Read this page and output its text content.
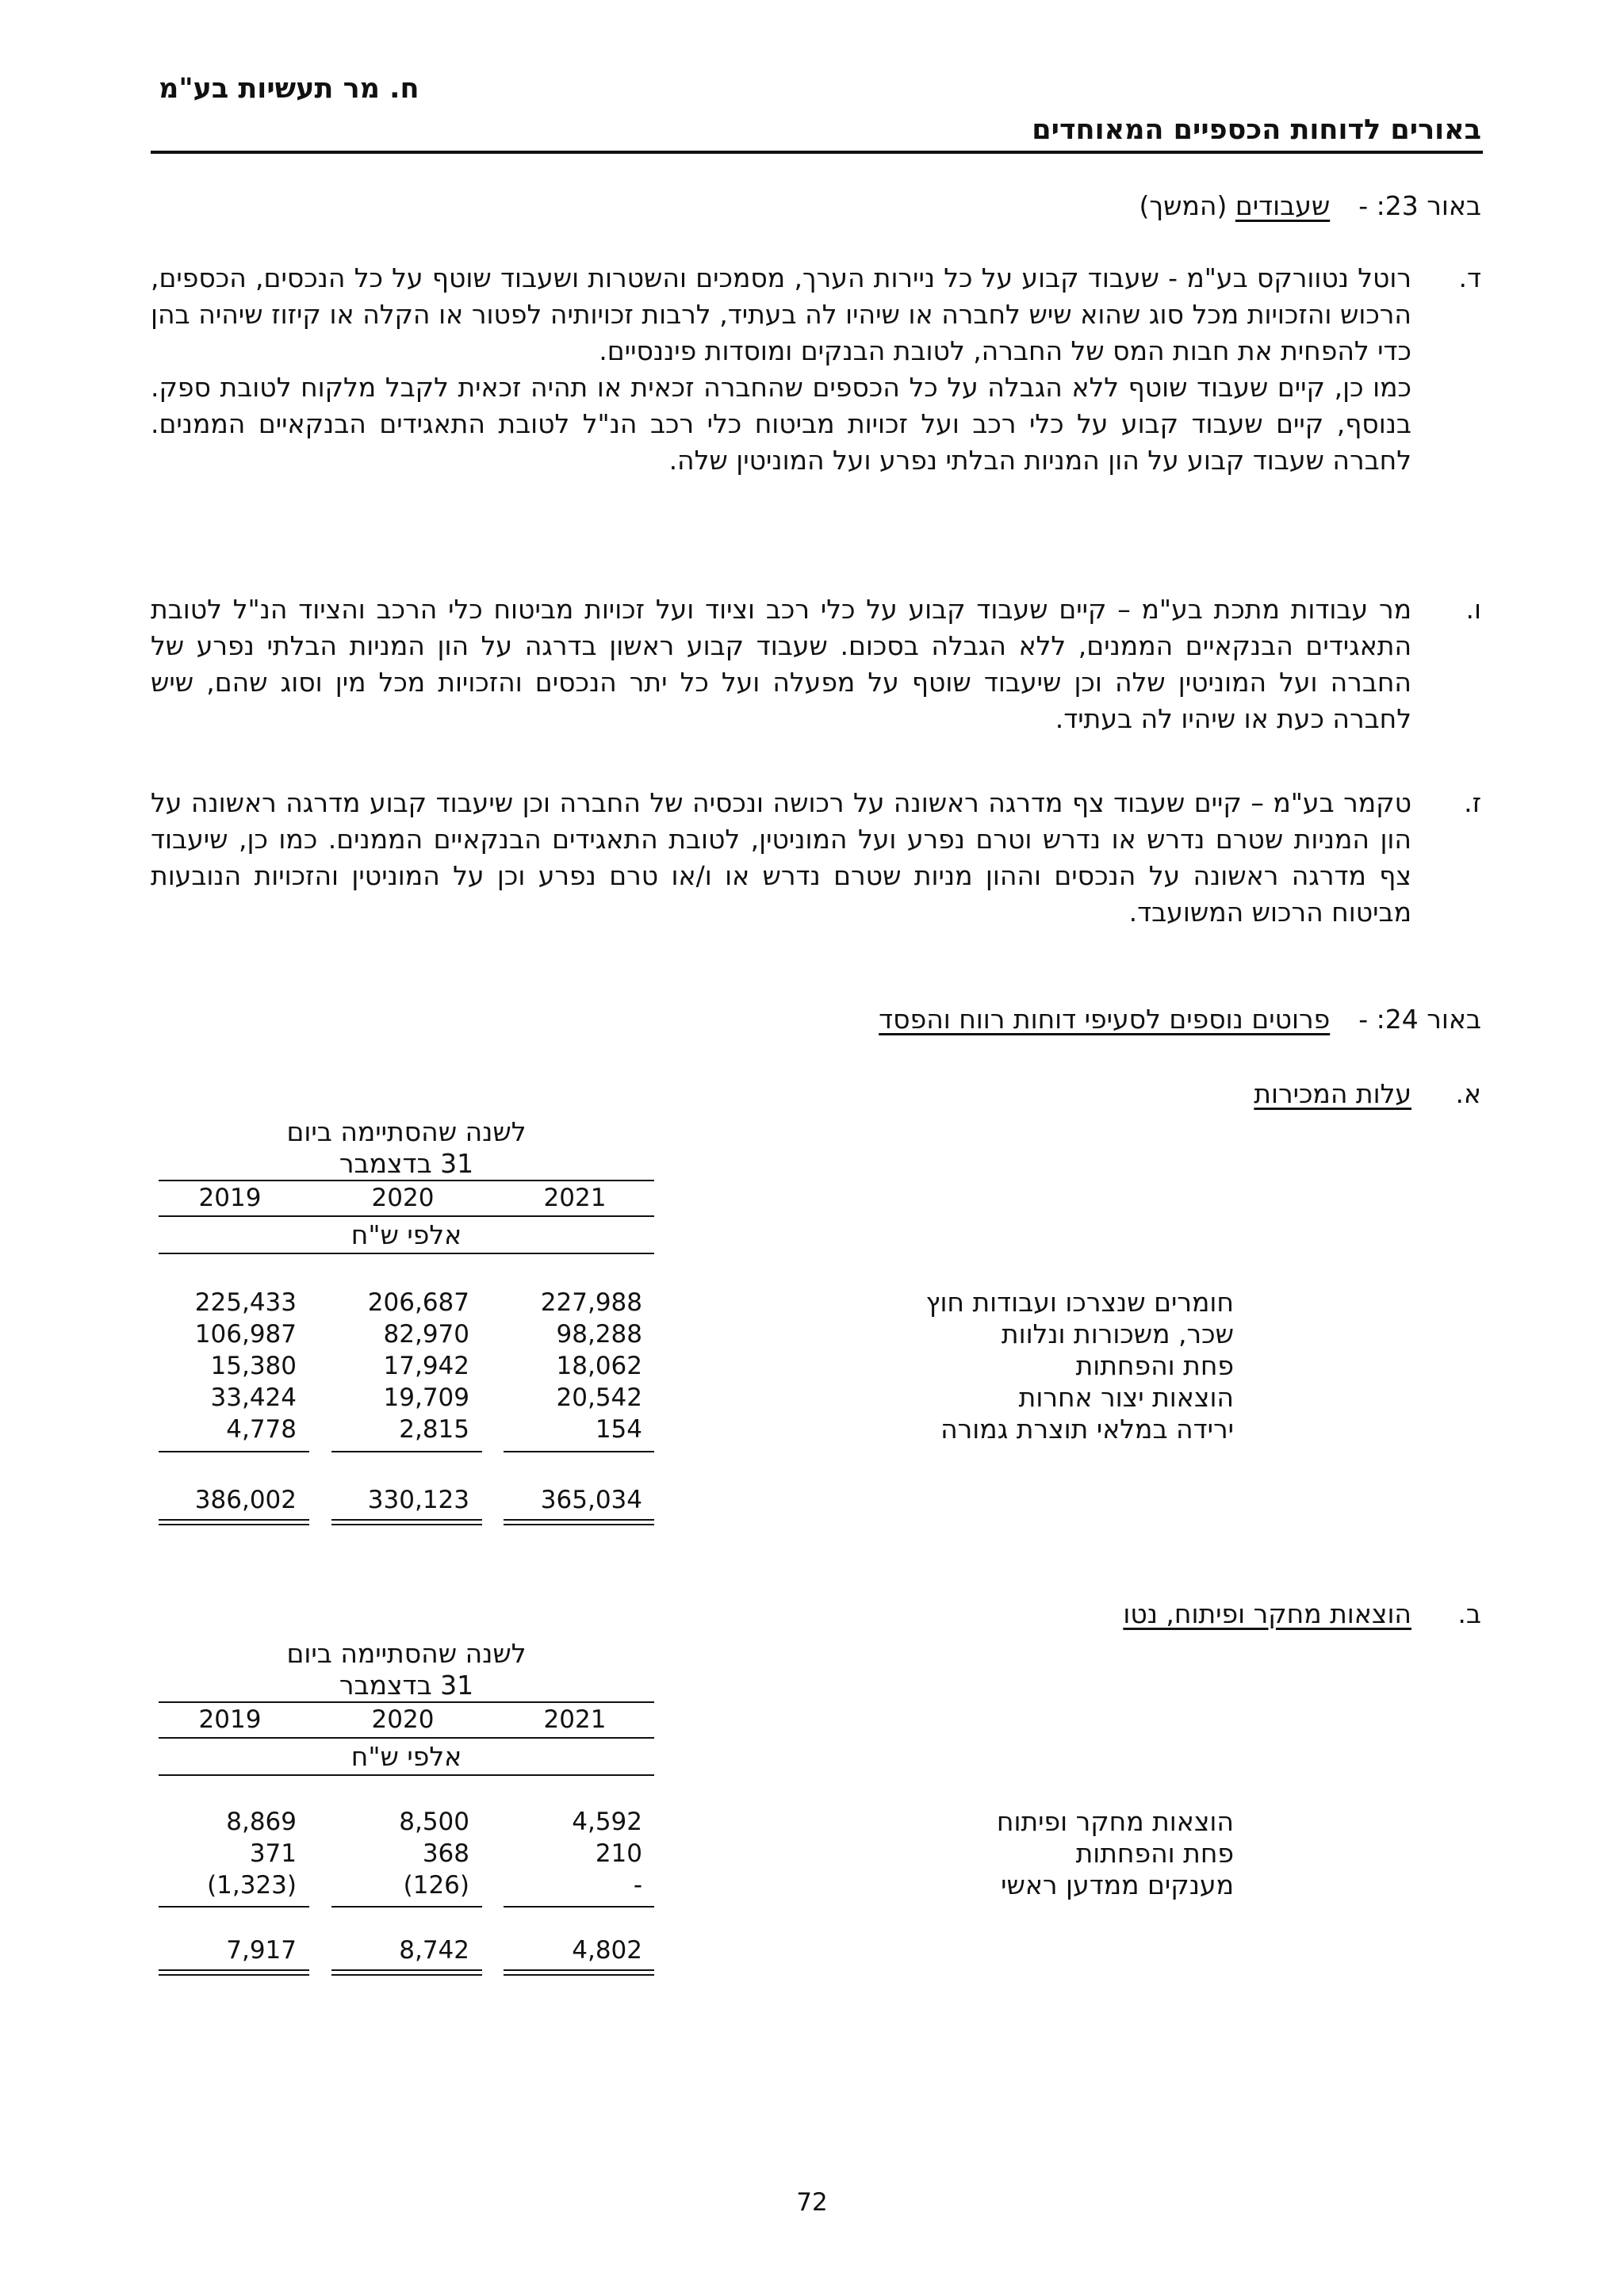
ח. מר תעשיות בע"מ
באורים לדוחות הכספיים המאוחדים
באור 23: -שעבודים (המשך)
ד.

רוטל נטוורקס בע"מ - שעבוד קבוע על כל ניירות הערך, מסמכים והשטרות ושעבוד שוטף על כל הנכסים, הכספים, הרכוש והזכויות מכל סוג שהוא שיש לחברה או שיהיו לה בעתיד, לרבות זכויותיה לפטור או הקלה או קיזוז שיהיה בהן כדי להפחית את חבות המס של החברה, לטובת הבנקים ומוסדות פיננסיים.

כמו כן, קיים שעבוד שוטף ללא הגבלה על כל הכספים שהחברה זכאית או תהיה זכאית לקבל מלקוח לטובת ספק. בנוסף, קיים שעבוד קבוע על כלי רכב ועל זכויות מביטוח כלי רכב הנ"ל לטובת התאגידים הבנקאיים הממנים. לחברה שעבוד קבוע על הון המניות הבלתי נפרע ועל המוניטין שלה.

ו.

מר עבודות מתכת בע"מ – קיים שעבוד קבוע על כלי רכב וציוד ועל זכויות מביטוח כלי הרכב והציוד הנ"ל לטובת התאגידים הבנקאיים הממנים, ללא הגבלה בסכום. שעבוד קבוע ראשון בדרגה על הון המניות הבלתי נפרע של החברה ועל המוניטין שלה וכן שיעבוד שוטף על מפעלה ועל כל יתר הנכסים והזכויות מכל מין וסוג שהם, שיש לחברה כעת או שיהיו לה בעתיד.

ז.

טקמר בע"מ – קיים שעבוד צף מדרגה ראשונה על רכושה ונכסיה של החברה וכן שיעבוד קבוע מדרגה ראשונה על הון המניות שטרם נדרש או נדרש וטרם נפרע ועל המוניטין, לטובת התאגידים הבנקאיים הממנים. כמו כן, שיעבוד צף מדרגה ראשונה על הנכסים וההון מניות שטרם נדרש או ו/או טרם נפרע וכן על המוניטין והזכויות הנובעות מביטוח הרכוש המשועבד.

באור 24: -פרוטים נוספים לסעיפי דוחות רווח והפסד
א.
עלות המכירות
לשנה שהסתיימה ביום
31 בדצמבר
2021
2020
2019
אלפי ש"ח
חומרים שנצרכו ועבודות חוץ
227,988
206,687
225,433
שכר, משכורות ונלוות
98,288
82,970
106,987
פחת והפחתות
18,062
17,942
15,380
הוצאות יצור אחרות
20,542
19,709
33,424
ירידה במלאי תוצרת גמורה
154
2,815
4,778
365,034
330,123
386,002
ב.
הוצאות מחקר ופיתוח, נטו
לשנה שהסתיימה ביום
31 בדצמבר
2021
2020
2019
אלפי ש"ח
הוצאות מחקר ופיתוח
4,592
8,500
8,869
פחת והפחתות
210
368
371
מענקים ממדען ראשי
-
(126)
(1,323)
4,802
8,742
7,917
72
